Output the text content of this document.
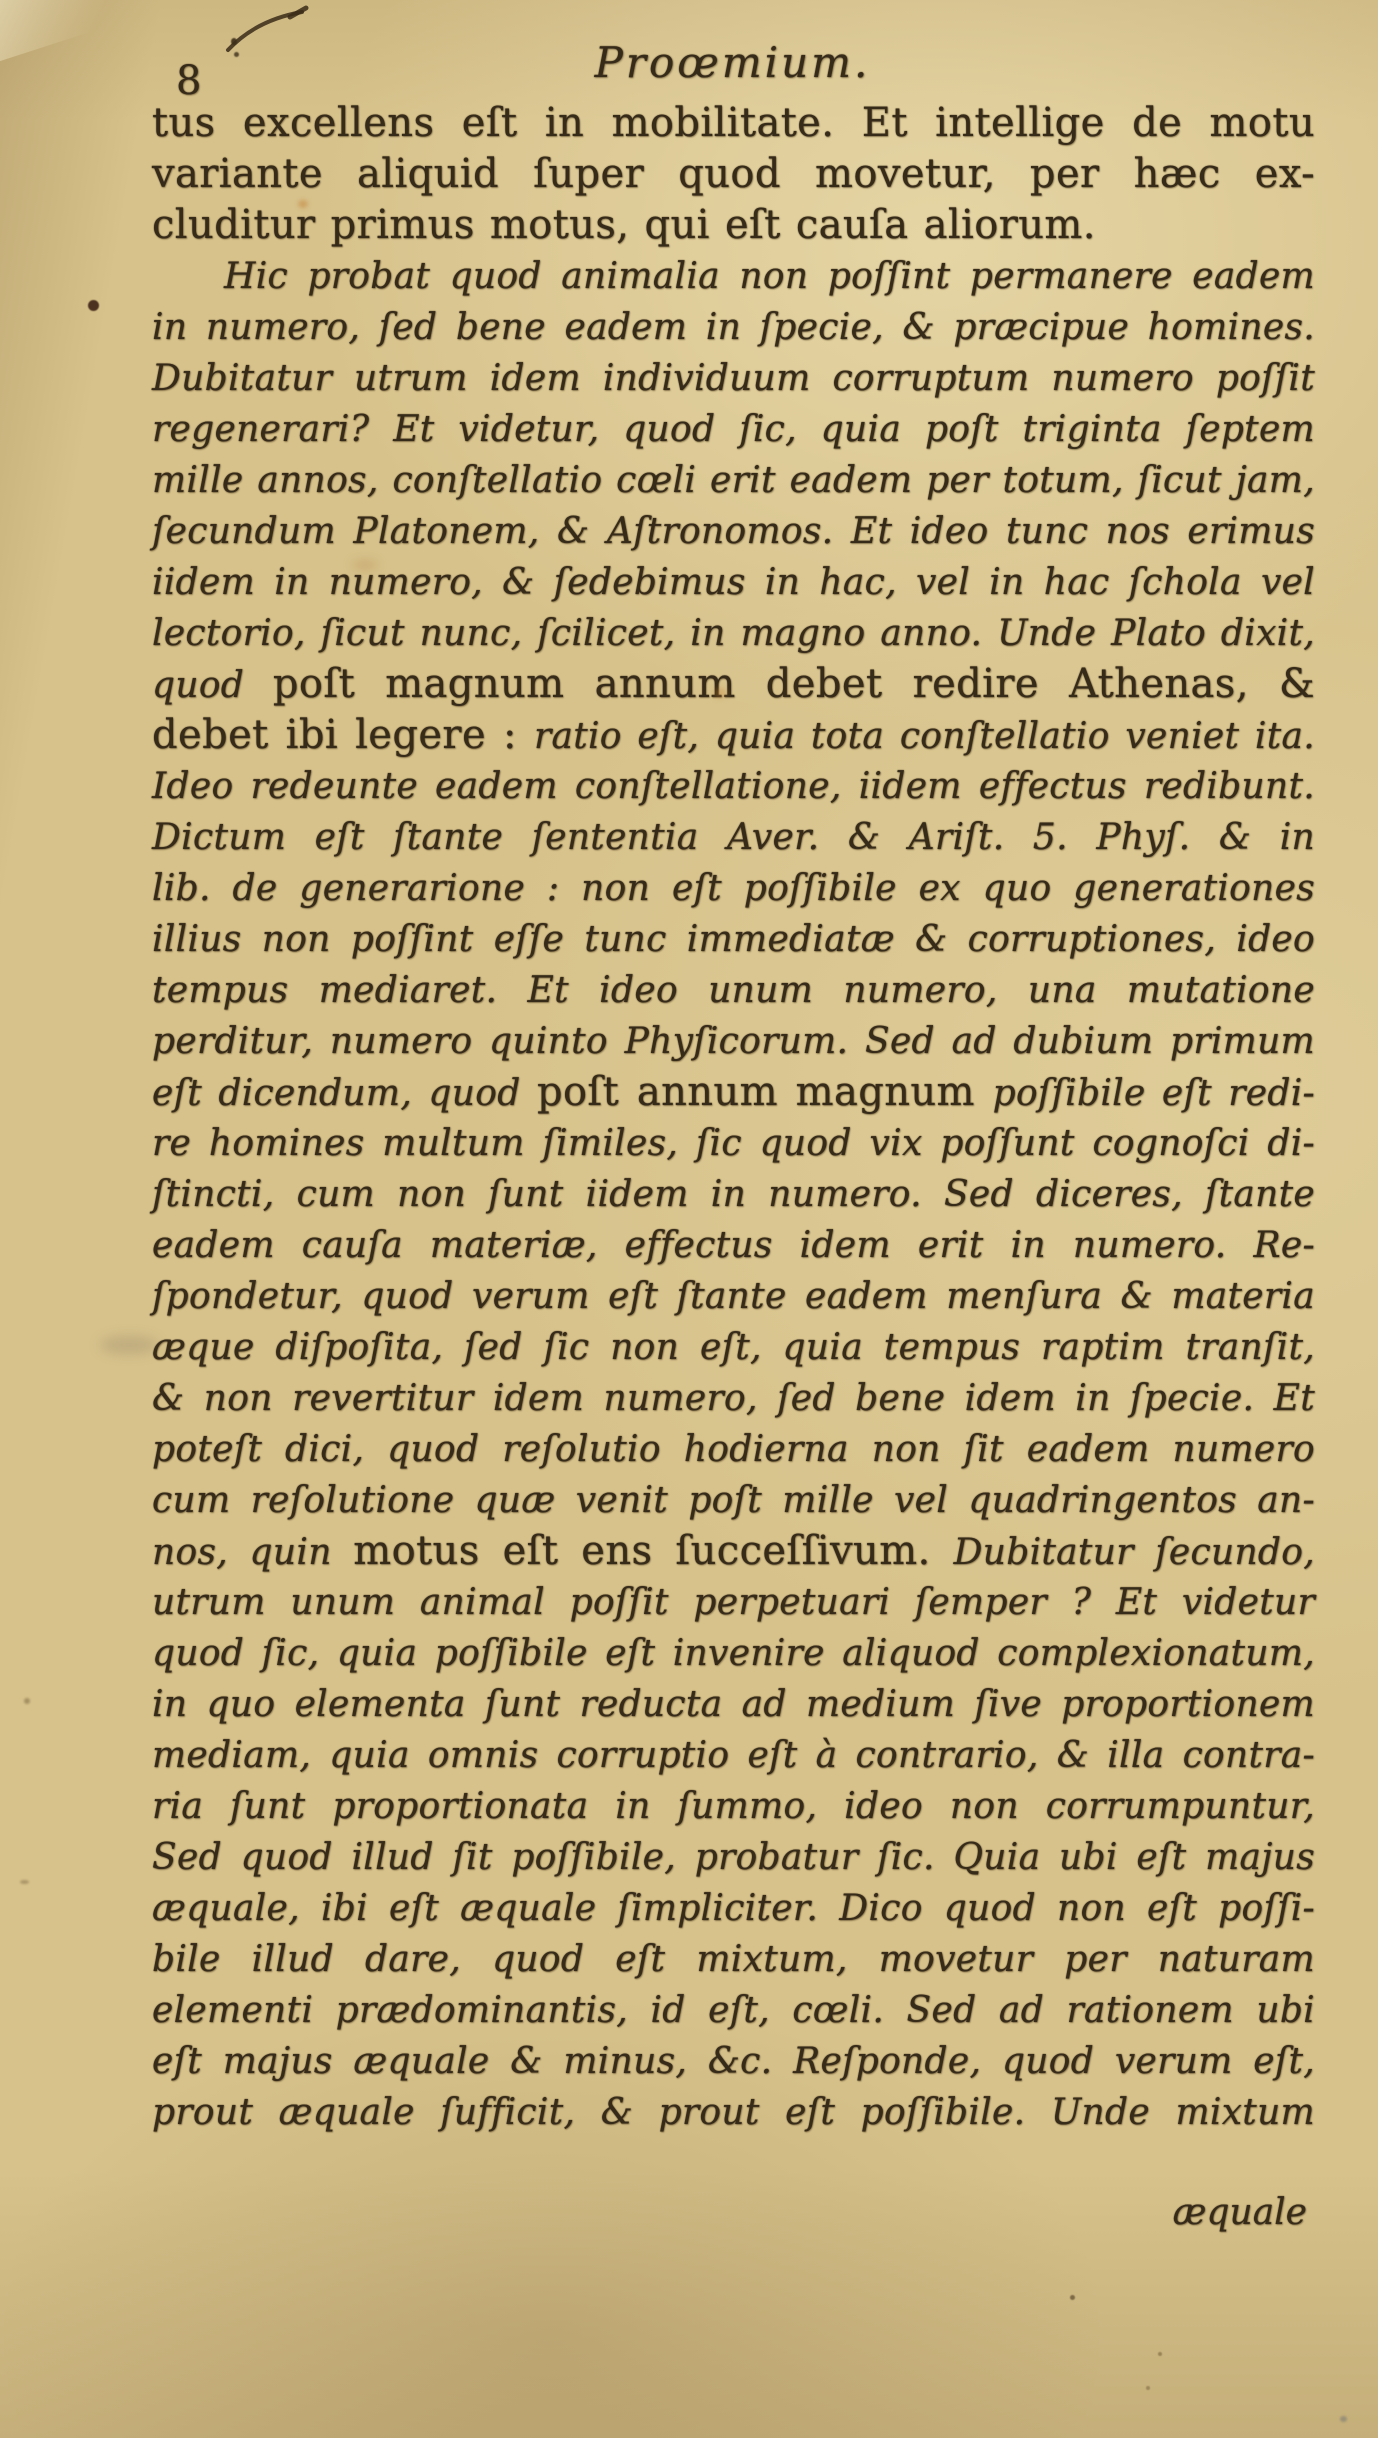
8	Proœmium.
tus excellens eſt in mobilitate. Et intellige de motu
variante aliquid ſuper quod movetur, per hæc ex-
cluditur primus motus, qui eſt cauſa aliorum.
Hic probat quod animalia non poſſint permanere eadem
in numero, ſed bene eadem in ſpecie, & præcipue homines.
Dubitatur utrum idem individuum corruptum numero poſſit
regenerari? Et videtur, quod ſic, quia poſt triginta ſeptem
mille annos, conſtellatio cœli erit eadem per totum, ſicut jam,
ſecundum Platonem, & Aſtronomos. Et ideo tunc nos erimus
iidem in numero, & ſedebimus in hac, vel in hac ſchola vel
lectorio, ſicut nunc, ſcilicet, in magno anno. Unde Plato dixit,
quod poſt magnum annum debet redire Athenas, &
debet ibi legere : ratio eſt, quia tota conſtellatio veniet ita.
Ideo redeunte eadem conſtellatione, iidem effectus redibunt.
Dictum eſt ſtante ſententia Aver. & Ariſt. 5. Phyſ. & in
lib. de generarione : non eſt poſſibile ex quo generationes
illius non poſſint eſſe tunc immediatæ & corruptiones, ideo
tempus mediaret. Et ideo unum numero, una mutatione
perditur, numero quinto Phyſicorum. Sed ad dubium primum
eſt dicendum, quod poſt annum magnum poſſibile eſt redi-
re homines multum ſimiles, ſic quod vix poſſunt cognoſci di-
ſtincti, cum non ſunt iidem in numero. Sed diceres, ſtante
eadem cauſa materiæ, effectus idem erit in numero. Re-
ſpondetur, quod verum eſt ſtante eadem menſura & materia
æque diſpoſita, ſed ſic non eſt, quia tempus raptim tranſit,
& non revertitur idem numero, ſed bene idem in ſpecie. Et
poteſt dici, quod reſolutio hodierna non ſit eadem numero
cum reſolutione quæ venit poſt mille vel quadringentos an-
nos, quin motus eſt ens ſucceſſivum. Dubitatur ſecundo,
utrum unum animal poſſit perpetuari ſemper ? Et videtur
quod ſic, quia poſſibile eſt invenire aliquod complexionatum,
in quo elementa ſunt reducta ad medium ſive proportionem
mediam, quia omnis corruptio eſt à contrario, & illa contra-
ria ſunt proportionata in ſummo, ideo non corrumpuntur,
Sed quod illud ſit poſſibile, probatur ſic. Quia ubi eſt majus
æquale, ibi eſt æquale ſimpliciter. Dico quod non eſt poſſi-
bile illud dare, quod eſt mixtum, movetur per naturam
elementi prædominantis, id eſt, cœli. Sed ad rationem ubi
eſt majus æquale & minus, &c. Reſponde, quod verum eſt,
prout æquale ſufficit, & prout eſt poſſibile. Unde mixtum
æquale
